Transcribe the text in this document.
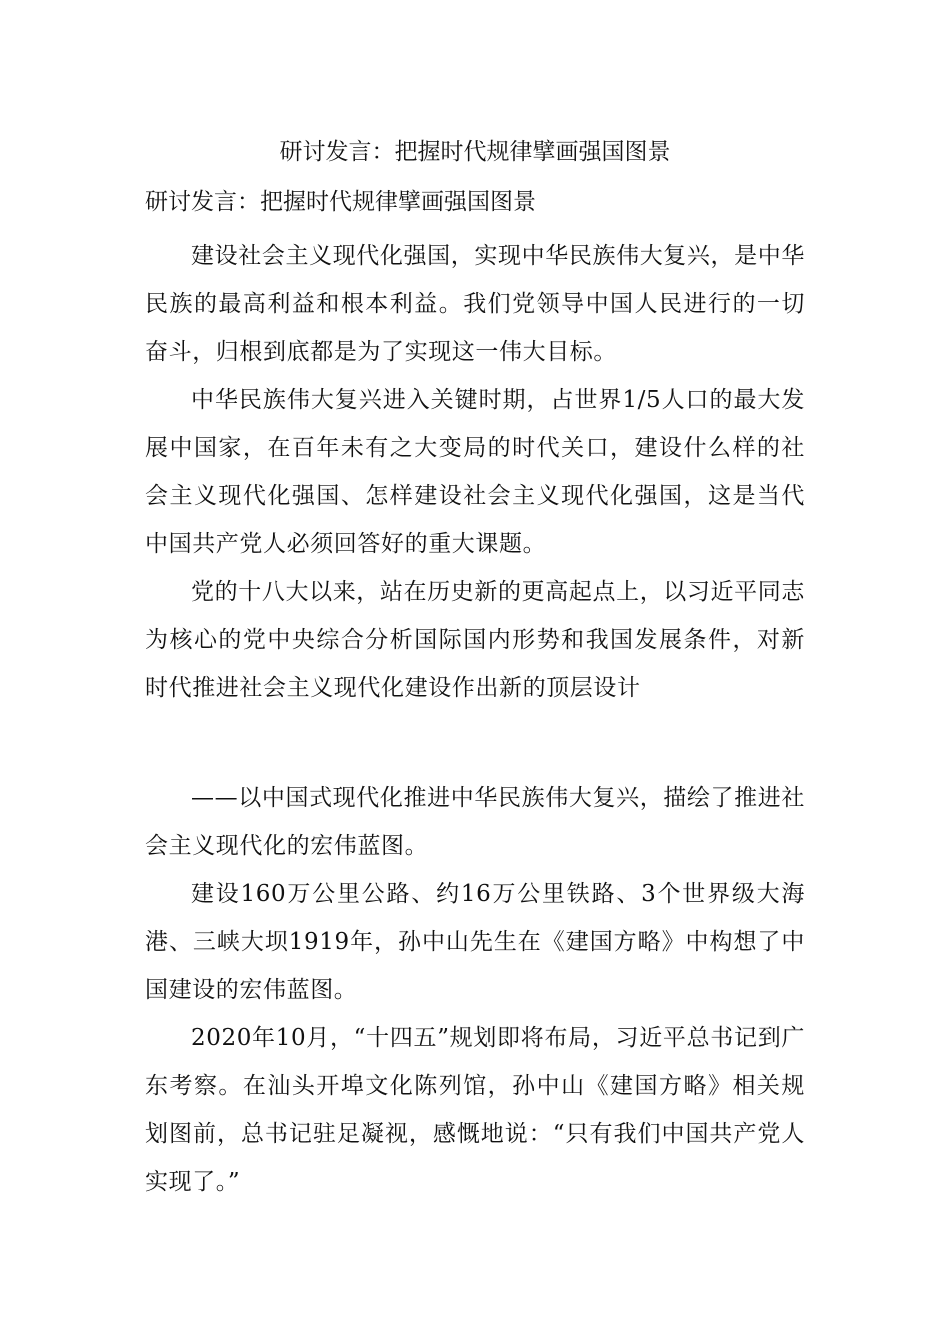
研讨发言：把握时代规律擘画强国图景
研讨发言：把握时代规律擘画强国图景

建设社会主义现代化强国，实现中华民族伟大复兴，是中华民族的最高利益和根本利益。我们党领导中国人民进行的一切奋斗，归根到底都是为了实现这一伟大目标。

中华民族伟大复兴进入关键时期，占世界1/5人口的最大发展中国家，在百年未有之大变局的时代关口，建设什么样的社会主义现代化强国、怎样建设社会主义现代化强国，这是当代中国共产党人必须回答好的重大课题。

党的十八大以来，站在历史新的更高起点上，以习近平同志为核心的党中央综合分析国际国内形势和我国发展条件，对新时代推进社会主义现代化建设作出新的顶层设计

——以中国式现代化推进中华民族伟大复兴，描绘了推进社会主义现代化的宏伟蓝图。

建设160万公里公路、约16万公里铁路、3个世界级大海港、三峡大坝1919年，孙中山先生在《建国方略》中构想了中国建设的宏伟蓝图。

2020年10月，“十四五”规划即将布局，习近平总书记到广东考察。在汕头开埠文化陈列馆，孙中山《建国方略》相关规划图前，总书记驻足凝视，感慨地说：“只有我们中国共产党人实现了。”
